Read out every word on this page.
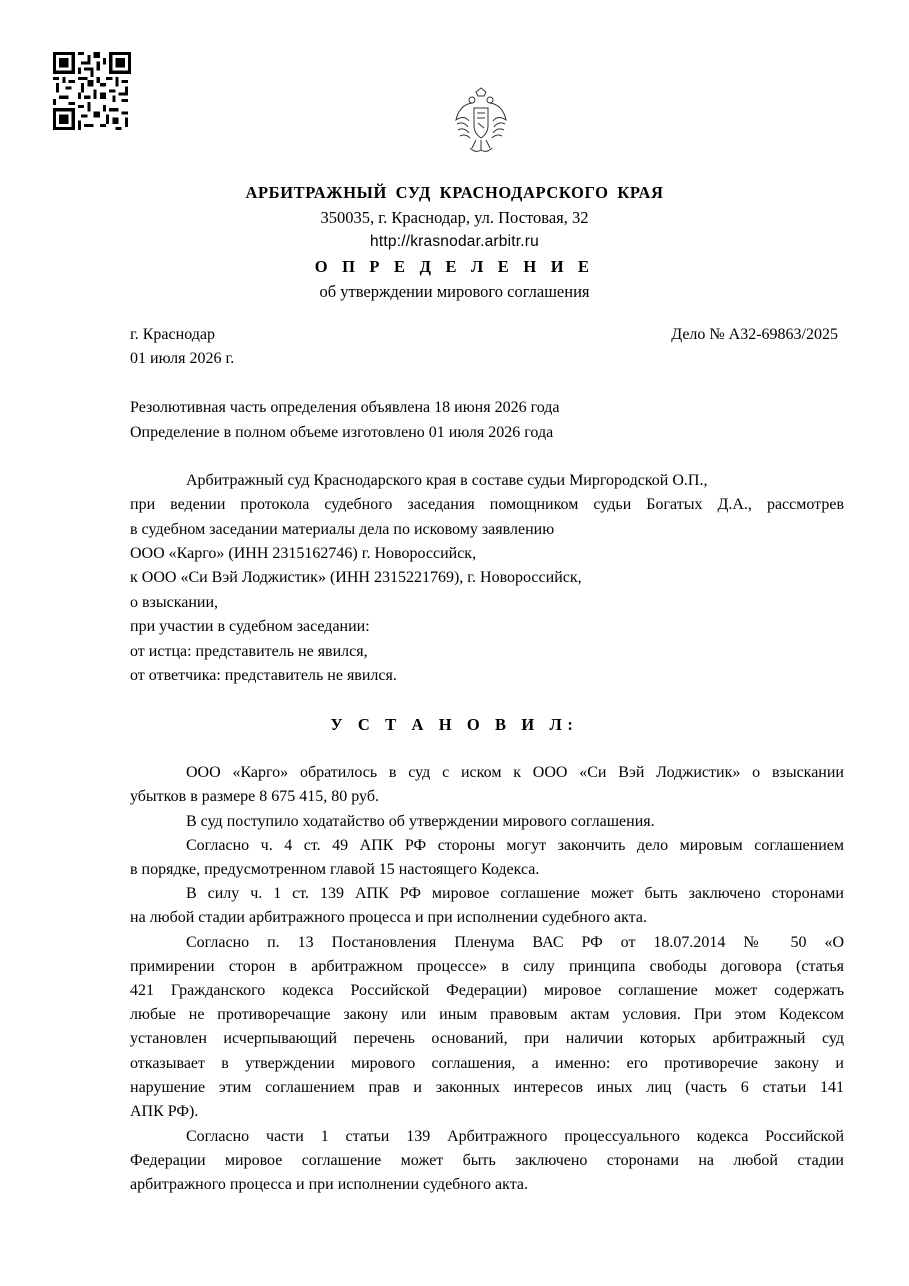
АРБИТРАЖНЫЙ СУД КРАСНОДАРСКОГО КРАЯ
350035, г. Краснодар, ул. Постовая, 32
http://krasnodar.arbitr.ru
О П Р Е Д Е Л Е Н И Е
об утверждении мирового соглашения
г. Краснодар	Дело № А32-69863/2025
01 июля 2026 г.
Резолютивная часть определения объявлена 18 июня 2026 года
Определение в полном объеме изготовлено 01 июля 2026 года
Арбитражный суд Краснодарского края в составе судьи Миргородской О.П.,
при ведении протокола судебного заседания помощником судьи Богатых Д.А., рассмотрев
в судебном заседании материалы дела по исковому заявлению
ООО «Карго» (ИНН 2315162746) г. Новороссийск,
к ООО «Си Вэй Лоджистик» (ИНН 2315221769), г. Новороссийск,
о взыскании,
при участии в судебном заседании:
от истца: представитель не явился,
от ответчика: представитель не явился.
У С Т А Н О В И Л:
ООО «Карго» обратилось в суд с иском к ООО «Си Вэй Лоджистик» о взыскании
убытков в размере 8 675 415, 80 руб.
В суд поступило ходатайство об утверждении мирового соглашения.
Согласно ч. 4 ст. 49 АПК РФ стороны могут закончить дело мировым соглашением
в порядке, предусмотренном главой 15 настоящего Кодекса.
В силу ч. 1 ст. 139 АПК РФ мировое соглашение может быть заключено сторонами
на любой стадии арбитражного процесса и при исполнении судебного акта.
Согласно п. 13 Постановления Пленума ВАС РФ от 18.07.2014 № 50 «О
примирении сторон в арбитражном процессе» в силу принципа свободы договора (статья
421 Гражданского кодекса Российской Федерации) мировое соглашение может содержать
любые не противоречащие закону или иным правовым актам условия. При этом Кодексом
установлен исчерпывающий перечень оснований, при наличии которых арбитражный суд
отказывает в утверждении мирового соглашения, а именно: его противоречие закону и
нарушение этим соглашением прав и законных интересов иных лиц (часть 6 статьи 141
АПК РФ).
Согласно части 1 статьи 139 Арбитражного процессуального кодекса Российской
Федерации мировое соглашение может быть заключено сторонами на любой стадии
арбитражного процесса и при исполнении судебного акта.
